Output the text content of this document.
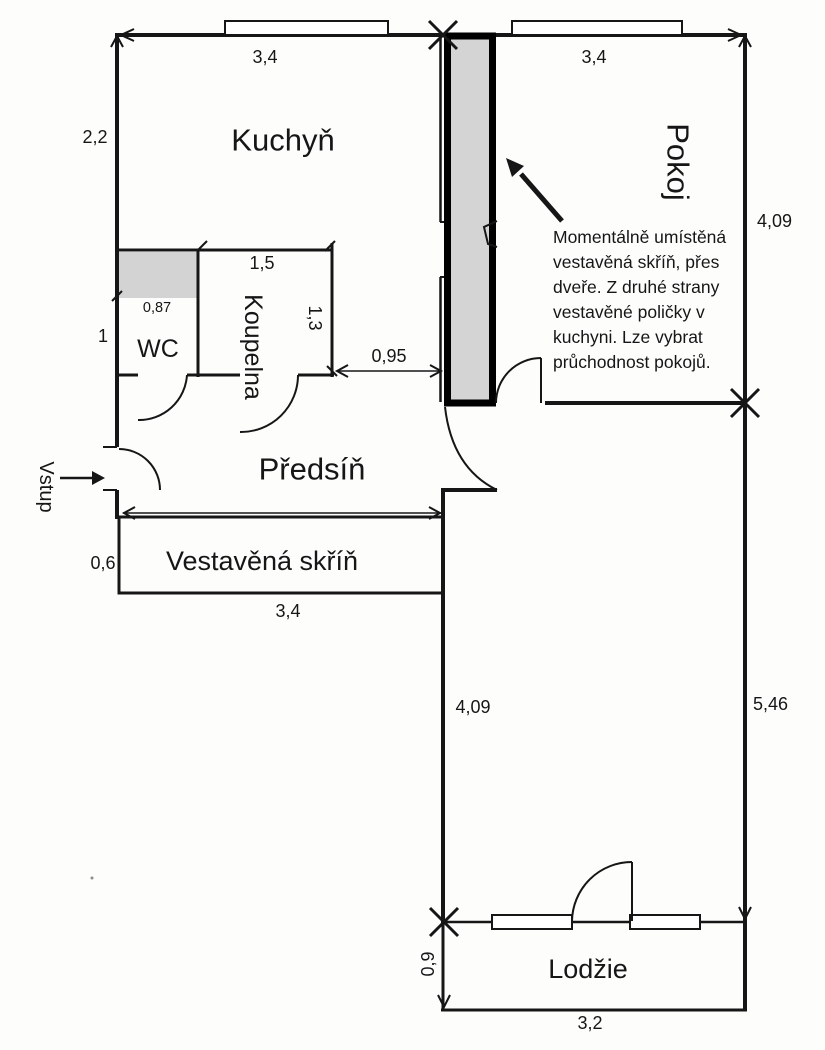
Kuchyň	Pokoj
Koupelna
WC
Předsíň
Vestavěná skříň
Lodžie
Vstup
3,4	3,4
2,2
4,09
1,5
1,3
0,87
1
0,95
0,6
3,4
4,09	5,46
0,9
3,2
Momentálně umístěná
vestavěná skříň, přes
dveře. Z druhé strany
vestavěné poličky v
kuchyni. Lze vybrat
průchodnost pokojů.
